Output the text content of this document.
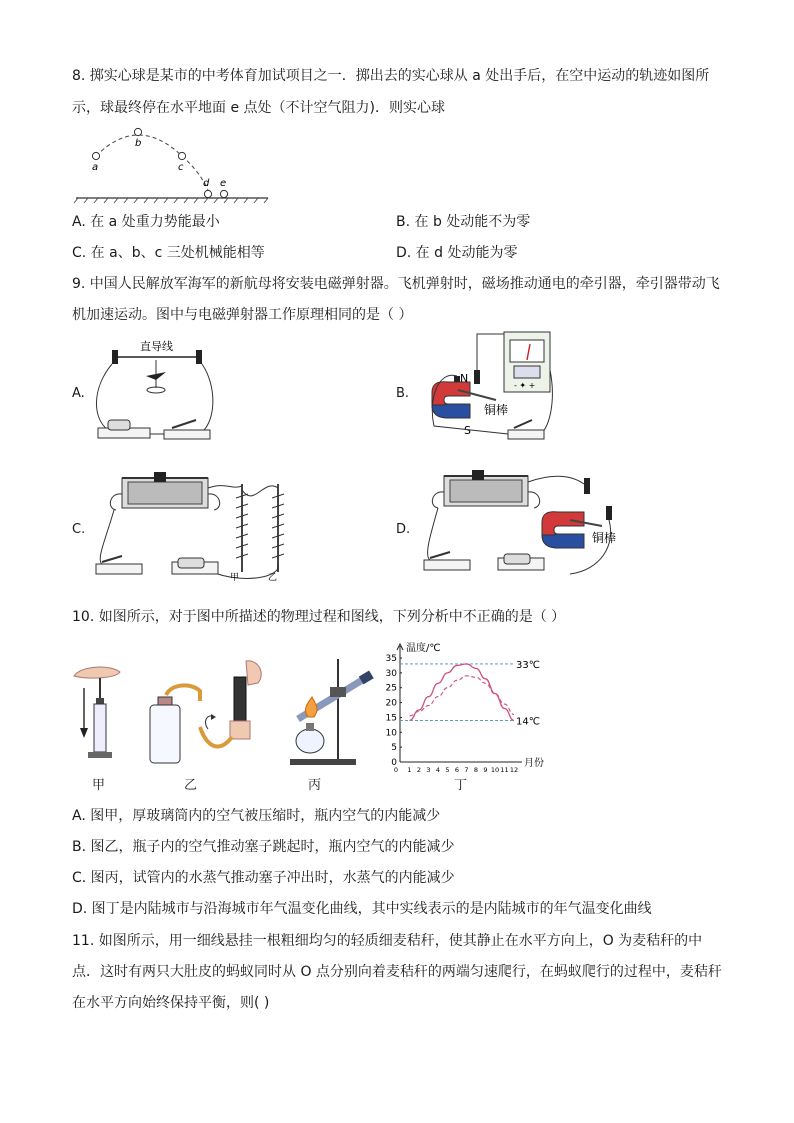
8. 掷实心球是某市的中考体育加试项目之一．掷出去的实心球从 a 处出手后，在空中运动的轨迹如图所
示，球最终停在水平地面 e 点处（不计空气阻力)．则实心球
a
b
c
d e
A. 在 a 处重力势能最小	B. 在 b 处动能不为零
C. 在 a、b、c 三处机械能相等	D. 在 d 处动能为零
9. 中国人民解放军海军的新航母将安装电磁弹射器。飞机弹射时，磁场推动通电的牵引器，牵引器带动飞
机加速运动。图中与电磁弹射器工作原理相同的是（ ）
A.
直导线
B.
- ✦ +
N
S
铜棒
C.
甲	乙
D.
铜棒
10. 如图所示，对于图中所描述的物理过程和图线，下列分析中不正确的是（ ）
甲	乙	丙
温度/℃
月份
35
30
25
20
15
10
5
0
1 2 3 4 5 6 7 8 9 10 11 12
0
33℃
14℃
丁
A. 图甲，厚玻璃筒内的空气被压缩时，瓶内空气的内能减少
B. 图乙，瓶子内的空气推动塞子跳起时，瓶内空气的内能减少
C. 图丙，试管内的水蒸气推动塞子冲出时，水蒸气的内能减少
D. 图丁是内陆城市与沿海城市年气温变化曲线，其中实线表示的是内陆城市的年气温变化曲线
11. 如图所示，用一细线悬挂一根粗细均匀的轻质细麦秸秆，使其静止在水平方向上，O 为麦秸秆的中
点．这时有两只大肚皮的蚂蚁同时从 O 点分别向着麦秸秆的两端匀速爬行，在蚂蚁爬行的过程中，麦秸秆
在水平方向始终保持平衡，则( )
